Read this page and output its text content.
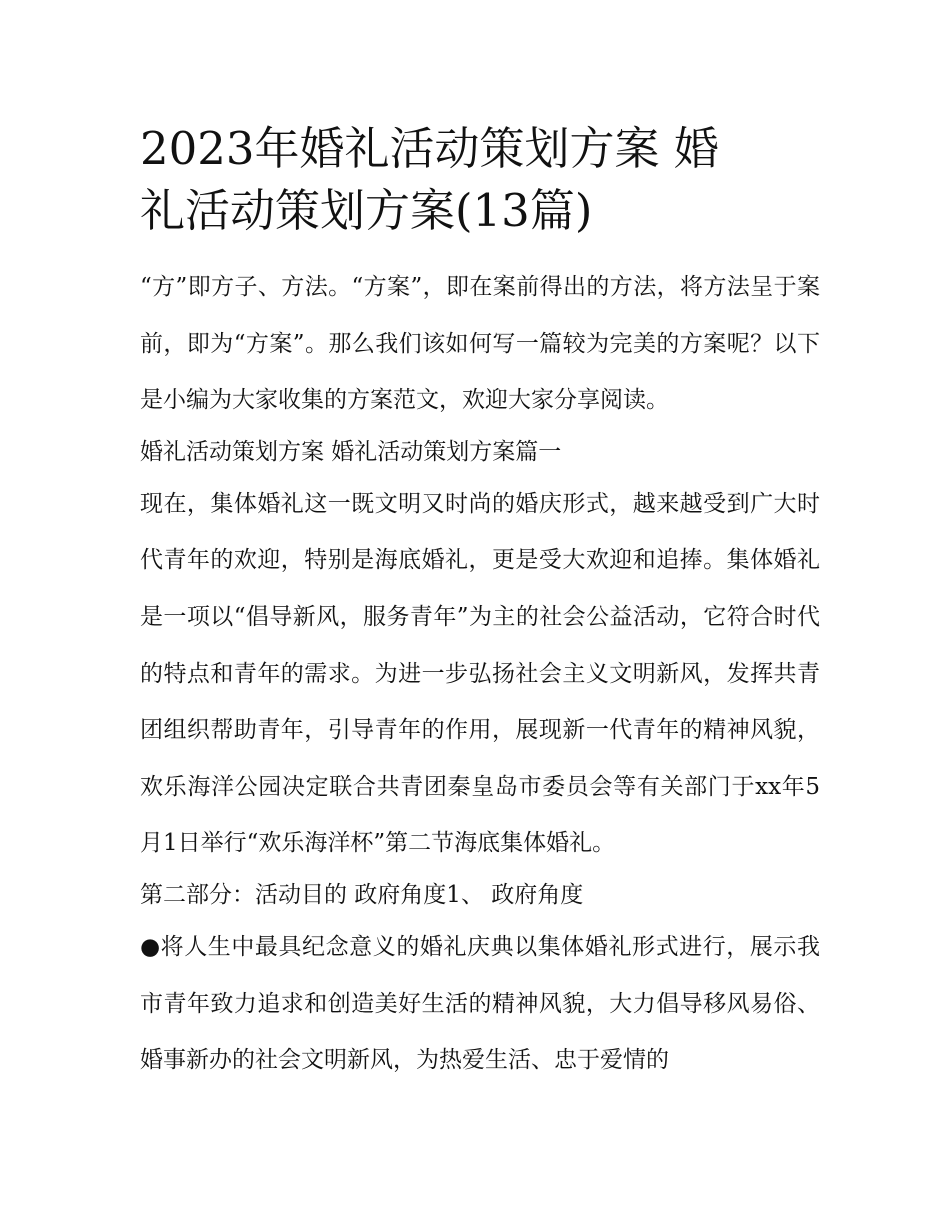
2023年婚礼活动策划方案 婚
礼活动策划方案(13篇)

“方”即方子、方法。“方案”，即在案前得出的方法，将方法呈于案前，即为“方案”。那么我们该如何写一篇较为完美的方案呢？以下是小编为大家收集的方案范文，欢迎大家分享阅读。

婚礼活动策划方案 婚礼活动策划方案篇一

现在，集体婚礼这一既文明又时尚的婚庆形式，越来越受到广大时代青年的欢迎，特别是海底婚礼，更是受大欢迎和追捧。集体婚礼是一项以“倡导新风，服务青年”为主的社会公益活动，它符合时代的特点和青年的需求。为进一步弘扬社会主义文明新风，发挥共青团组织帮助青年，引导青年的作用，展现新一代青年的精神风貌，欢乐海洋公园决定联合共青团秦皇岛市委员会等有关部门于xx年5月1日举行“欢乐海洋杯”第二节海底集体婚礼。

第二部分：活动目的 政府角度1、 政府角度

●将人生中最具纪念意义的婚礼庆典以集体婚礼形式进行，展示我市青年致力追求和创造美好生活的精神风貌，大力倡导移风易俗、婚事新办的社会文明新风，为热爱生活、忠于爱情的
